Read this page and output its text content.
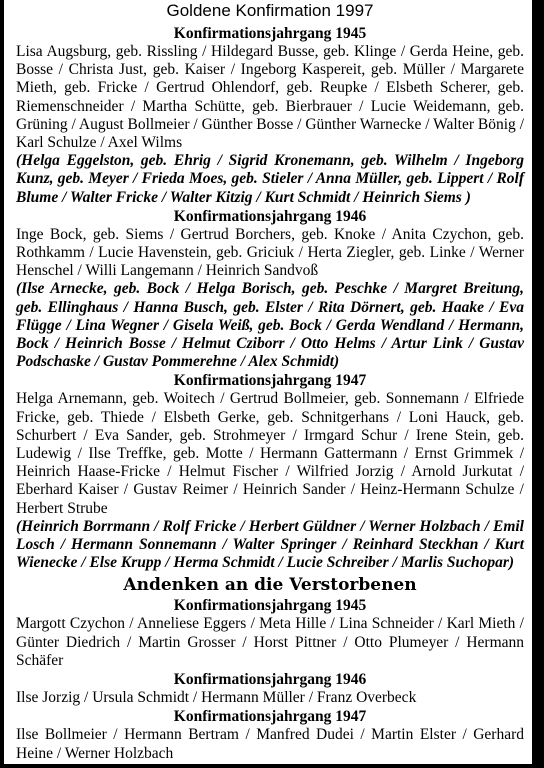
Goldene Konfirmation 1997

Konfirmationsjahrgang 1945

Lisa Augsburg, geb. Rissling / Hildegard Busse, geb. Klinge / Gerda Heine, geb. Bosse / Christa Just, geb. Kaiser / Ingeborg Kaspereit, geb. Müller / Margarete Mieth, geb. Fricke / Gertrud Ohlendorf, geb. Reupke / Elsbeth Scherer, geb. Riemenschneider / Martha Schütte, geb. Bierbrauer / Lucie Weidemann, geb. Grüning / August Bollmeier / Günther Bosse / Günther Warnecke / Walter Bönig / Karl Schulze / Axel Wilms

(Helga Eggelston, geb. Ehrig / Sigrid Kronemann, geb. Wilhelm / Ingeborg Kunz, geb. Meyer / Frieda Moes, geb. Stieler / Anna Müller, geb. Lippert / Rolf Blume / Walter Fricke / Walter Kitzig / Kurt Schmidt / Heinrich Siems )

Konfirmationsjahrgang 1946

Inge Bock, geb. Siems / Gertrud Borchers, geb. Knoke / Anita Czychon, geb. Rothkamm / Lucie Havenstein, geb. Griciuk / Herta Ziegler, geb. Linke / Werner Henschel / Willi Langemann / Heinrich Sandvoß

(Ilse Arnecke, geb. Bock / Helga Borisch, geb. Peschke / Margret Breitung, geb. Ellinghaus / Hanna Busch, geb. Elster / Rita Dörnert, geb. Haake / Eva Flügge / Lina Wegner / Gisela Weiß, geb. Bock / Gerda Wendland / Hermann, Bock / Heinrich Bosse / Helmut Cziborr / Otto Helms / Artur Link / Gustav Podschaske / Gustav Pommerehne / Alex Schmidt)

Konfirmationsjahrgang 1947

Helga Arnemann, geb. Woitech / Gertrud Bollmeier, geb. Sonnemann / Elfriede Fricke, geb. Thiede / Elsbeth Gerke, geb. Schnitgerhans / Loni Hauck, geb. Schurbert / Eva Sander, geb. Strohmeyer / Irmgard Schur / Irene Stein, geb. Ludewig / Ilse Treffke, geb. Motte / Hermann Gattermann / Ernst Grimmek / Heinrich Haase-Fricke / Helmut Fischer / Wilfried Jorzig / Arnold Jurkutat / Eberhard Kaiser / Gustav Reimer / Heinrich Sander / Heinz-Hermann Schulze / Herbert Strube

(Heinrich Borrmann / Rolf Fricke / Herbert Güldner / Werner Holzbach / Emil Losch / Hermann Sonnemann / Walter Springer / Reinhard Steckhan / Kurt Wienecke / Else Krupp / Herma Schmidt / Lucie Schreiber / Marlis Suchopar)

Andenken an die Verstorbenen

Konfirmationsjahrgang 1945

Margott Czychon / Anneliese Eggers / Meta Hille / Lina Schneider / Karl Mieth / Günter Diedrich / Martin Grosser / Horst Pittner / Otto Plumeyer / Hermann Schäfer

Konfirmationsjahrgang 1946

Ilse Jorzig / Ursula Schmidt / Hermann Müller / Franz Overbeck

Konfirmationsjahrgang 1947

Ilse Bollmeier / Hermann Bertram / Manfred Dudei / Martin Elster / Gerhard Heine / Werner Holzbach
